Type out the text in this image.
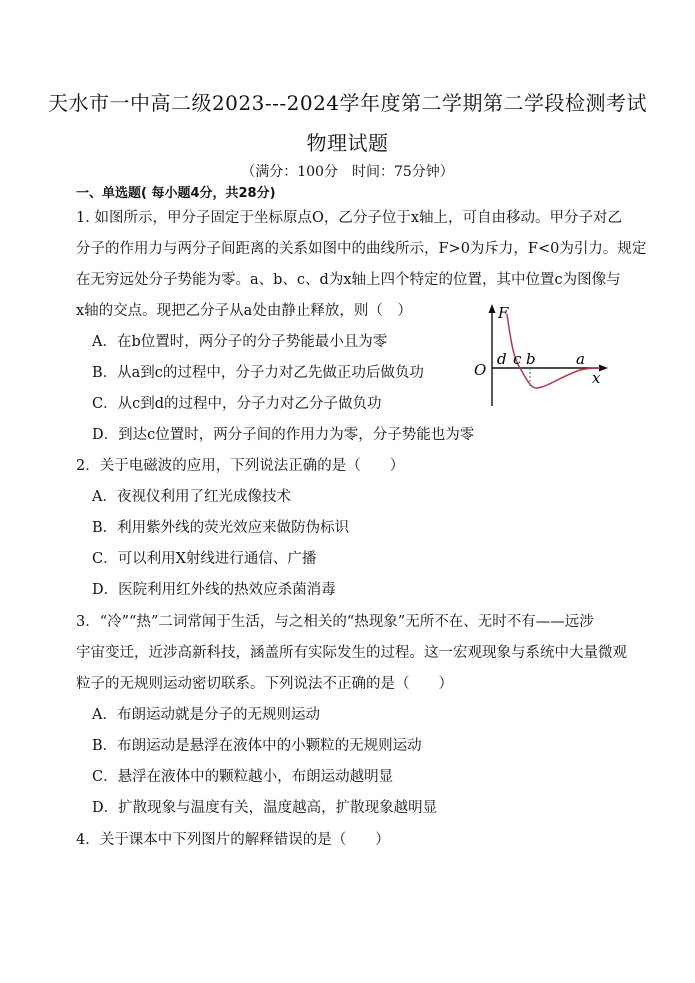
天水市一中高二级2023---2024学年度第二学期第二学段检测考试
物理试题
（满分：100分　时间：75分钟）
一、单选题( 每小题4分，共28分)
1. 如图所示，甲分子固定于坐标原点O，乙分子位于x轴上，可自由移动。甲分子对乙
分子的作用力与两分子间距离的关系如图中的曲线所示，F>0为斥力，F<0为引力。规定
在无穷远处分子势能为零。a、b、c、d为x轴上四个特定的位置，其中位置c为图像与
x轴的交点。现把乙分子从a处由静止释放，则（　）
A．在b位置时，两分子的分子势能最小且为零
B．从a到c的过程中，分子力对乙先做正功后做负功
C．从c到d的过程中，分子力对乙分子做负功
D．到达c位置时，两分子间的作用力为零，分子势能也为零
F
x
O
d c b	a
2．关于电磁波的应用，下列说法正确的是（　　）
A．夜视仪利用了红光成像技术
B．利用紫外线的荧光效应来做防伪标识
C．可以利用X射线进行通信、广播
D．医院利用红外线的热效应杀菌消毒
3．“冷”“热”二词常闻于生活，与之相关的“热现象”无所不在、无时不有——远涉
宇宙变迁，近涉高新科技，涵盖所有实际发生的过程。这一宏观现象与系统中大量微观
粒子的无规则运动密切联系。下列说法不正确的是（　　）
A．布朗运动就是分子的无规则运动
B．布朗运动是悬浮在液体中的小颗粒的无规则运动
C．悬浮在液体中的颗粒越小，布朗运动越明显
D．扩散现象与温度有关，温度越高，扩散现象越明显
4．关于课本中下列图片的解释错误的是（　　）
